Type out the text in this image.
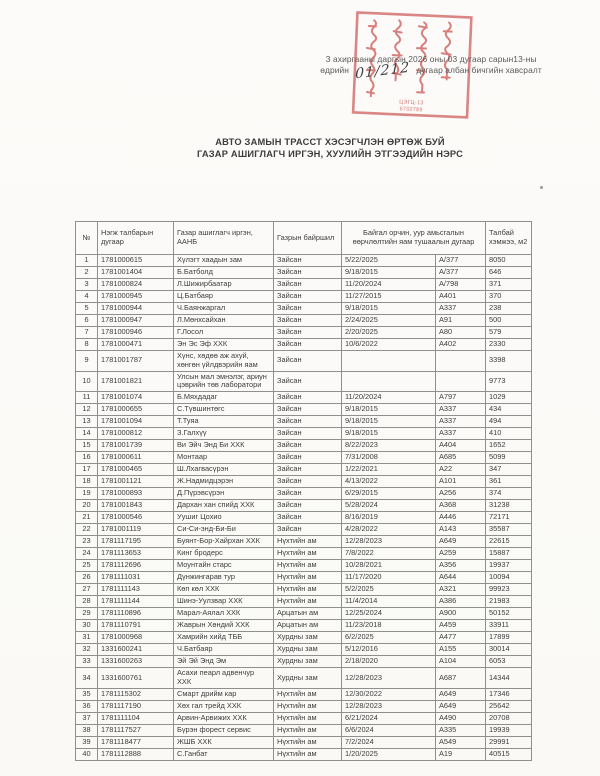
ЦЭГЦ-13
6702789
З ахиргааны даргын 2026 оны 03 дугаар сарын13-ны
өдрийн 01/212 дугаар албан бичгийн хавсралт
АВТО ЗАМЫН ТРАССТ ХЭСЭГЧЛЭН ӨРТӨЖ БУЙ
ГАЗАР АШИГЛАГЧ ИРГЭН, ХУУЛИЙН ЭТГЭЭДИЙН НЭРС
№	Нэгж талбарын дугаар	Газар ашиглагч иргэн, ААНБ	Газрын байршил	Байгал орчин, уур амьсгалын өөрчлөлтийн яам тушаалын дугаар		Талбай хэмжээ, м2
1	1781000615	Хүлэгт хаадын зам	Зайсан	5/22/2025	А/377	8050
2	1781001404	Б.Батболд	Зайсан	9/18/2015	А/377	646
3	1781000824	Л.Шижирбаатар	Зайсан	11/20/2024	А/798	371
4	1781000945	Ц.Батбаяр	Зайсан	11/27/2015	А401	370
5	1781000944	Ч.Баянжаргал	Зайсан	9/18/2015	А337	238
6	1781000947	Л.Мөнхсайхан	Зайсан	2/24/2025	А91	500
7	1781000946	Г.Лосол	Зайсан	2/20/2025	А80	579
8	1781000471	Эн Эс Эф ХХК	Зайсан	10/6/2022	А402	2330
9	1781001787	Хүнс, хөдөө аж ахуй, хөнгөн үйлдвэрийн яам	Зайсан			3398
10	1781001821	Улсын мал эмнэлэг, ариун цэврийн төв лаборатори	Зайсан			9773
11	1781001074	Б.Мяхдадаг	Зайсан	11/20/2024	А797	1029
12	1781000655	С.Түвшинтөгс	Зайсан	9/18/2015	А337	434
13	1781001094	Т.Туяа	Зайсан	9/18/2015	А337	494
14	1781000812	З.Галхүү	Зайсан	9/18/2015	А337	410
15	1781001739	Ви Эйч Энд Би ХХК	Зайсан	8/22/2023	А404	1652
16	1781000611	Монтаар	Зайсан	7/31/2008	А685	5099
17	1781000465	Ш.Лхагвасүрэн	Зайсан	1/22/2021	А22	347
18	1781001121	Ж.Надмидцэрэн	Зайсан	4/13/2022	А101	361
19	1781000893	Д.Пүрэвсүрэн	Зайсан	6/29/2015	А256	374
20	1781001843	Дархан хан спийд ХХК	Зайсан	5/28/2024	А368	31238
21	1781000546	Уушиг Цохио	Зайсан	8/16/2019	А446	72171
22	1781001119	Си-Си-энд-Би-Би	Зайсан	4/28/2022	А143	35587
23	1781117195	Буянт-Бор-Хайрхан ХХК	Нүхтийн ам	12/28/2023	А649	22615
24	1781113653	Кинг бродерс	Нүхтийн ам	7/8/2022	А259	15887
25	1781112696	Моунтайн старс	Нүхтийн ам	10/28/2021	А356	19937
26	1781111031	Дүнжингарав тур	Нүхтийн ам	11/17/2020	А644	10094
27	1781111143	Көп көл ХХК	Нүхтийн ам	5/2/2025	А321	99923
28	1781111144	Шинэ-Уулзвар ХХК	Нүхтийн ам	11/4/2014	А386	21983
29	1781110896	Марал-Аялал ХХК	Арцатын ам	12/25/2024	А900	50152
30	1781110791	Жаврын Хөндий ХХК	Арцатын ам	11/23/2018	А459	33911
31	1781000968	Хамрийн хийд ТББ	Хурдны зам	6/2/2025	А477	17899
32	1331600241	Ч.Батбаяр	Хурдны зам	5/12/2016	А155	30014
33	1331600263	Эй Эй Энд Эм	Хурдны зам	2/18/2020	А104	6053
34	1331600761	Асахи пеарл адвенчур ХХК	Хурдны зам	12/28/2023	А687	14344
35	1781115302	Смарт дрийм кар	Нүхтийн ам	12/30/2022	А649	17346
36	1781117190	Хөх гал трейд ХХК	Нүхтийн ам	12/28/2023	А649	25642
37	1781111104	Арвин-Арвижих ХХК	Нүхтийн ам	6/21/2024	А490	20708
38	1781117527	Бүрэн форест сервис	Нүхтийн ам	6/6/2024	А335	19939
39	1781118477	ЖШБ ХХК	Нүхтийн ам	7/2/2024	А549	29991
40	1781112888	С.Ганбат	Нүхтийн ам	1/20/2025	А19	40515
